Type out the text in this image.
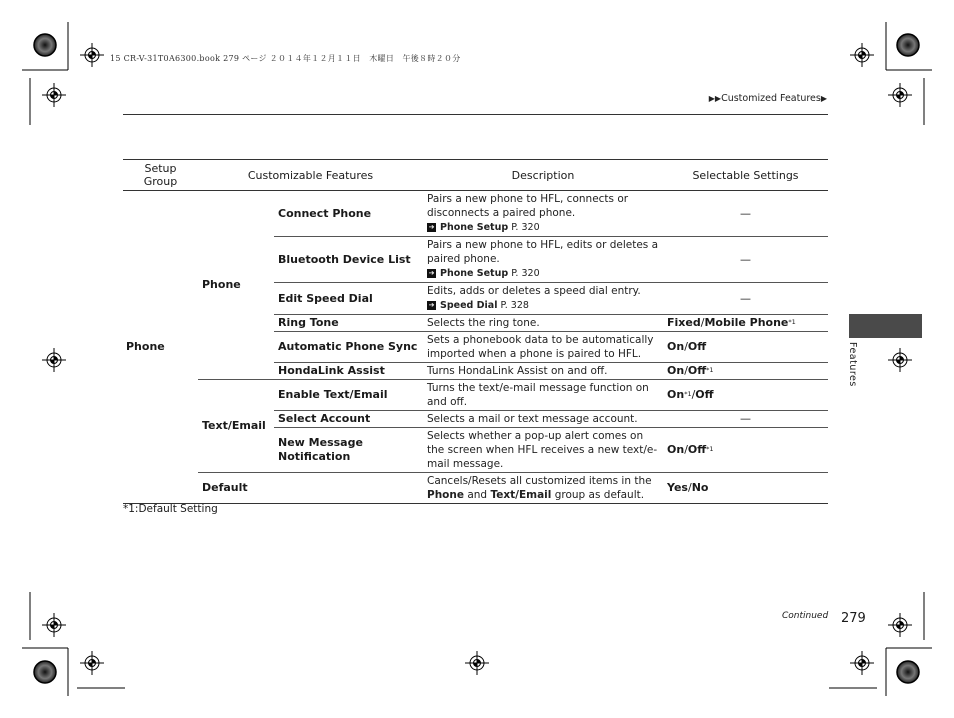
15 CR-V-31T0A6300.book 279 ページ ２０１４年１２月１１日　木曜日　午後８時２０分
▶▶Customized Features▶
Setup Group	Customizable Features		Description	Selectable Settings
Phone	Phone	Connect Phone	Pairs a new phone to HFL, connects or disconnects a paired phone.
➔ Phone Setup P. 320	—
		Bluetooth Device List	Pairs a new phone to HFL, edits or deletes a paired phone.
➔ Phone Setup P. 320	—
		Edit Speed Dial	Edits, adds or deletes a speed dial entry.
➔ Speed Dial P. 328	—
		Ring Tone	Selects the ring tone.	Fixed/Mobile Phone$^{*1}$
		Automatic Phone Sync	Sets a phonebook data to be automatically imported when a phone is paired to HFL.	On/Off
		HondaLink Assist	Turns HondaLink Assist on and off.	On/Off$^{*1}$
	Text/Email	Enable Text/Email	Turns the text/e-mail message function on and off.	On$^{*1}$/Off
		Select Account	Selects a mail or text message account.	—
		New Message Notification	Selects whether a pop-up alert comes on the screen when HFL receives a new text/e-mail message.	On/Off$^{*1}$
	Default		Cancels/Resets all customized items in the Phone and Text/Email group as default.	Yes/No
*1:Default Setting
Continued 279
Features
